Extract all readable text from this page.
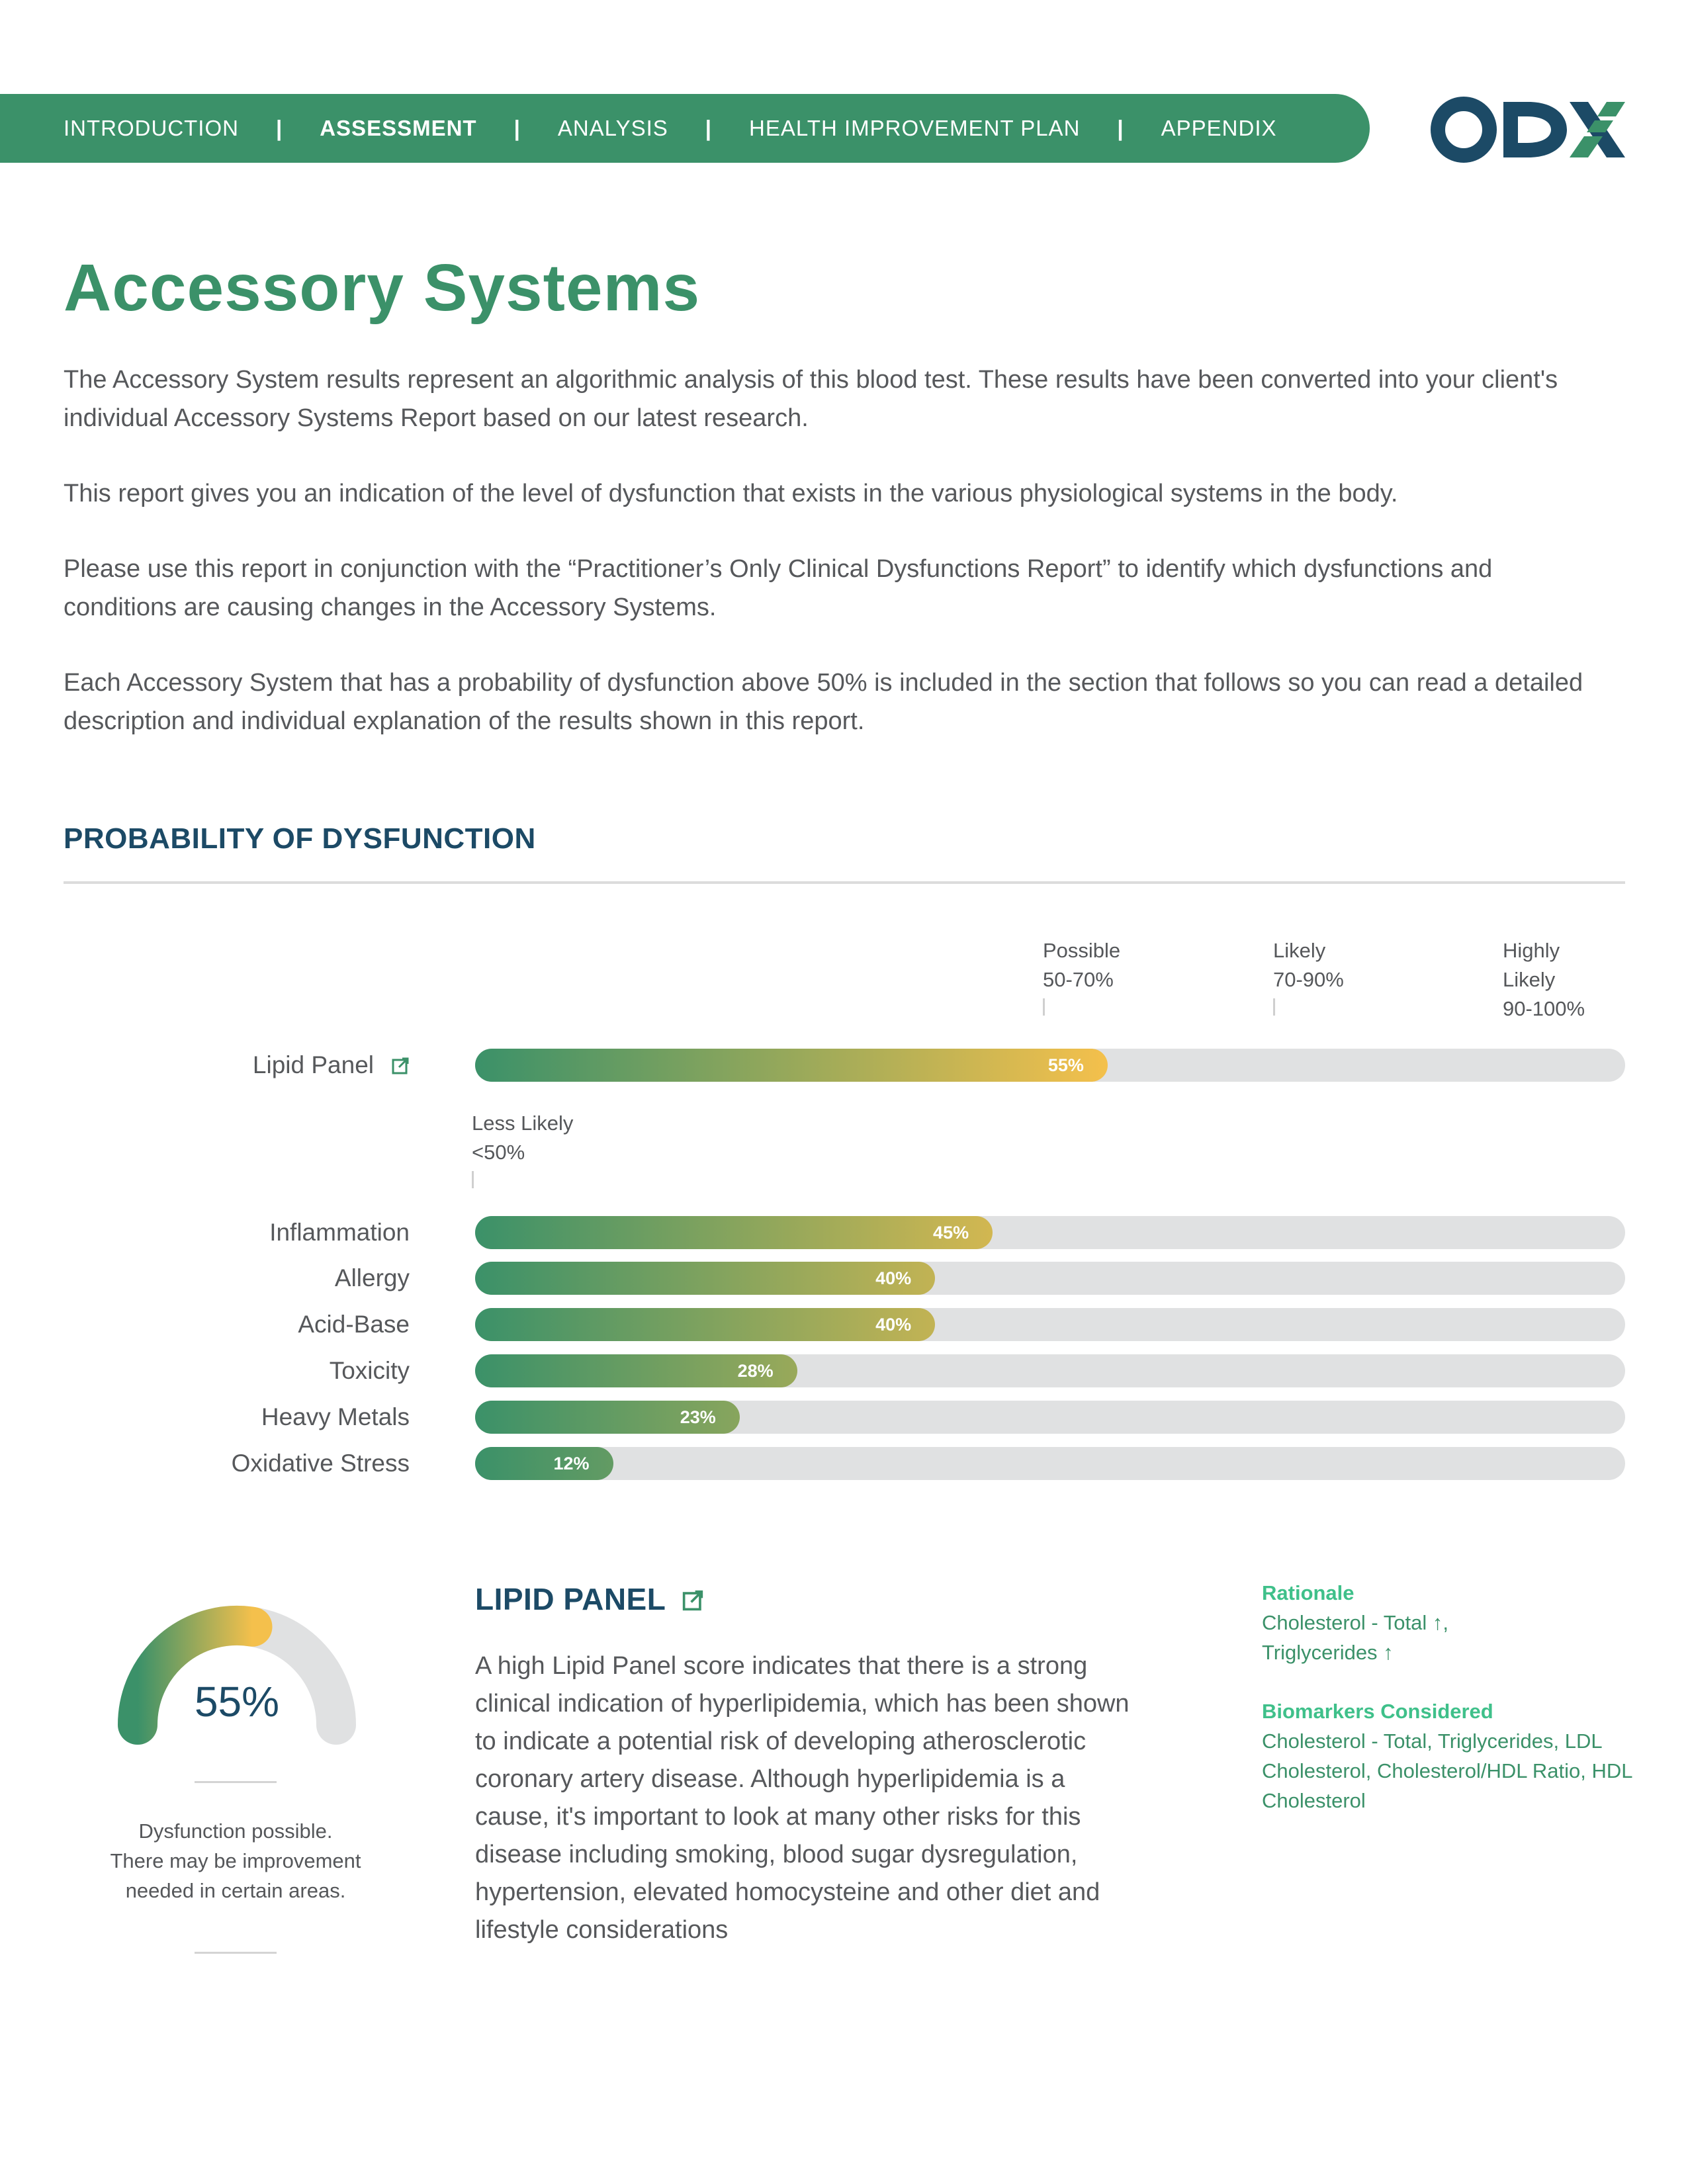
INTRODUCTION | ASSESSMENT | ANALYSIS | HEALTH IMPROVEMENT PLAN | APPENDIX
Accessory Systems

The Accessory System results represent an algorithmic analysis of this blood test. These results have been converted into your client's individual Accessory Systems Report based on our latest research.

This report gives you an indication of the level of dysfunction that exists in the various physiological systems in the body.

Please use this report in conjunction with the “Practitioner’s Only Clinical Dysfunctions Report” to identify which dysfunctions and conditions are causing changes in the Accessory Systems.

Each Accessory System that has a probability of dysfunction above 50% is included in the section that follows so you can read a detailed description and individual explanation of the results shown in this report.

PROBABILITY OF DYSFUNCTION
Possible
50-70%
Likely
70-90%
Highly
Likely
90-100%
Less Likely
<50%
Lipid Panel	55%
Inflammation	45%
Allergy	40%
Acid-Base	40%
Toxicity	28%
Heavy Metals	23%
Oxidative Stress	12%
55%
Dysfunction possible.
There may be improvement
needed in certain areas.
LIPID PANEL
A high Lipid Panel score indicates that there is a strong clinical indication of hyperlipidemia, which has been shown to indicate a potential risk of developing atherosclerotic coronary artery disease. Although hyperlipidemia is a cause, it's important to look at many other risks for this disease including smoking, blood sugar dysregulation, hypertension, elevated homocysteine and other diet and lifestyle considerations
Rationale
Cholesterol - Total ↑,
Triglycerides ↑
Biomarkers Considered
Cholesterol - Total, Triglycerides, LDL Cholesterol, Cholesterol/HDL Ratio, HDL Cholesterol
